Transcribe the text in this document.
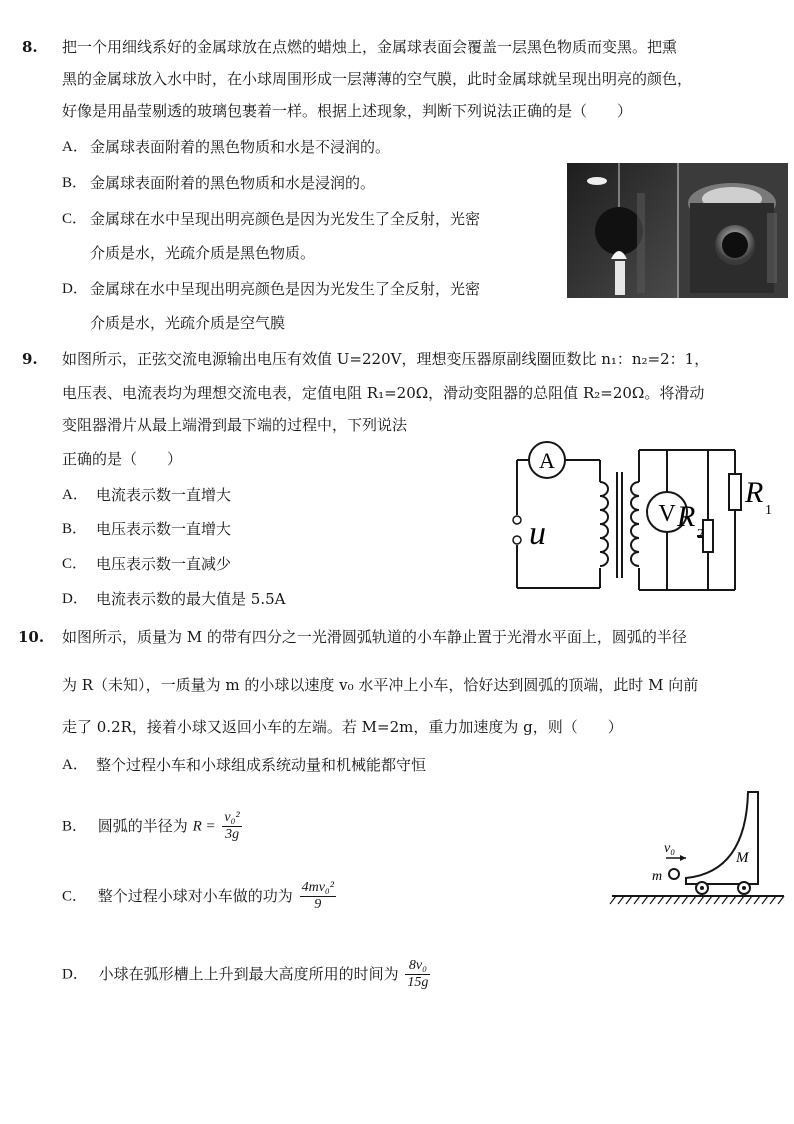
8. 把一个用细线系好的金属球放在点燃的蜡烛上，金属球表面会覆盖一层黑色物质而变黑。把熏
黑的金属球放入水中时，在小球周围形成一层薄薄的空气膜，此时金属球就呈现出明亮的颜色，
好像是用晶莹剔透的玻璃包裹着一样。根据上述现象，判断下列说法正确的是（　　）
A． 金属球表面附着的黑色物质和水是不浸润的。
B． 金属球表面附着的黑色物质和水是浸润的。
C． 金属球在水中呈现出明亮颜色是因为光发生了全反射，光密
介质是水，光疏介质是黑色物质。
D． 金属球在水中呈现出明亮颜色是因为光发生了全反射，光密
介质是水，光疏介质是空气膜
9. 如图所示，正弦交流电源输出电压有效值 U=220V，理想变压器原副线圈匝数比 n₁：n₂=2：1，
电压表、电流表均为理想交流电表，定值电阻 R₁=20Ω，滑动变阻器的总阻值 R₂=20Ω。将滑动
变阻器滑片从最上端滑到最下端的过程中，下列说法
正确的是（　　）
A． 电流表示数一直增大
B． 电压表示数一直增大
C． 电压表示数一直减少
D． 电流表示数的最大值是 5.5A
A
u
V R
2
R
1
10. 如图所示，质量为 M 的带有四分之一光滑圆弧轨道的小车静止置于光滑水平面上，圆弧的半径
为 R（未知），一质量为 m 的小球以速度 v₀ 水平冲上小车，恰好达到圆弧的顶端，此时 M 向前
走了 0.2R，接着小球又返回小车的左端。若 M=2m，重力加速度为 g，则（　　）
A． 整个过程小车和小球组成系统动量和机械能都守恒
B． 圆弧的半径为 $R = \frac{\text{v₀²}}{3g}$
C． 整个过程小球对小车做的功为 $\frac{\text{4mv₀²}}{9}$
D． 小球在弧形槽上上升到最大高度所用的时间为 $\frac{\text{8v₀}}{15g}$
v₀
m
M
